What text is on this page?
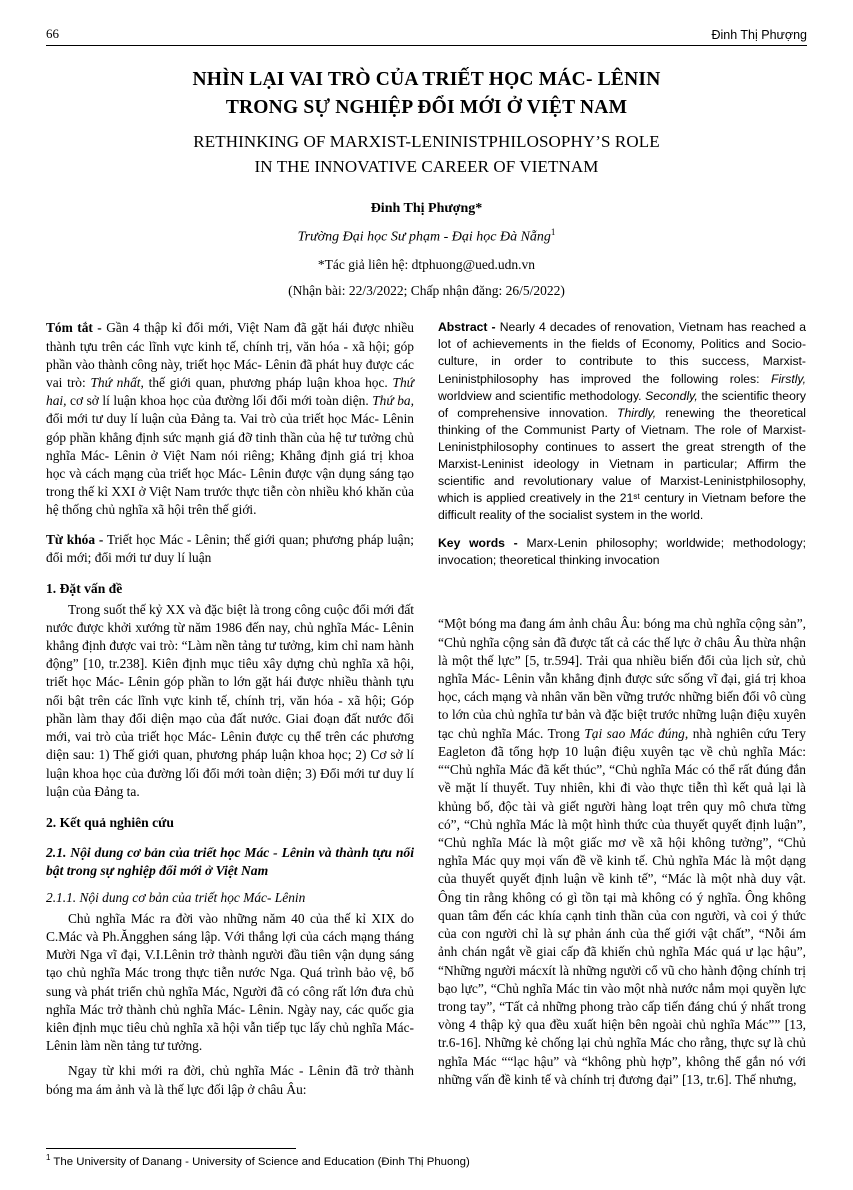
66	Đinh Thị Phượng
NHÌN LẠI VAI TRÒ CỦA TRIẾT HỌC MÁC- LÊNIN
TRONG SỰ NGHIỆP ĐỔI MỚI Ở VIỆT NAM
RETHINKING OF MARXIST-LENINISTPHILOSOPHY’S ROLE
IN THE INNOVATIVE CAREER OF VIETNAM
Đinh Thị Phượng*
Trường Đại học Sư phạm - Đại học Đà Nẵng$^1$
*Tác giả liên hệ: dtphuong@ued.udn.vn
(Nhận bài: 22/3/2022; Chấp nhận đăng: 26/5/2022)

Tóm tắt - Gần 4 thập kỉ đổi mới, Việt Nam đã gặt hái được nhiều thành tựu trên các lĩnh vực kinh tế, chính trị, văn hóa - xã hội; góp phần vào thành công này, triết học Mác- Lênin đã phát huy được các vai trò: Thứ nhất, thế giới quan, phương pháp luận khoa học. Thứ hai, cơ sở lí luận khoa học của đường lối đổi mới toàn diện. Thứ ba, đổi mới tư duy lí luận của Đảng ta. Vai trò của triết học Mác- Lênin góp phần khẳng định sức mạnh giá đỡ tinh thần của hệ tư tưởng chủ nghĩa Mác- Lênin ở Việt Nam nói riêng; Khẳng định giá trị khoa học và cách mạng của triết học Mác- Lênin được vận dụng sáng tạo trong thế kỉ XXI ở Việt Nam trước thực tiễn còn nhiều khó khăn của hệ thống chủ nghĩa xã hội trên thế giới.

Từ khóa - Triết học Mác - Lênin; thế giới quan; phương pháp luận; đổi mới; đổi mới tư duy lí luận

1. Đặt vấn đề

Trong suốt thế kỷ XX và đặc biệt là trong công cuộc đổi mới đất nước được khởi xướng từ năm 1986 đến nay, chủ nghĩa Mác- Lênin khẳng định được vai trò: “Làm nền tảng tư tưởng, kim chỉ nam hành động” [10, tr.238]. Kiên định mục tiêu xây dựng chủ nghĩa xã hội, triết học Mác- Lênin góp phần to lớn gặt hái được nhiều thành tựu nổi bật trên các lĩnh vực kinh tế, chính trị, văn hóa - xã hội; Góp phần làm thay đổi diện mạo của đất nước. Giai đoạn đất nước đổi mới, vai trò của triết học Mác- Lênin được cụ thể trên các phương diện sau: 1) Thế giới quan, phương pháp luận khoa học; 2) Cơ sở lí luận khoa học của đường lối đổi mới toàn diện; 3) Đổi mới tư duy lí luận của Đảng ta.

2. Kết quả nghiên cứu
2.1. Nội dung cơ bản của triết học Mác - Lênin và thành tựu nổi bật trong sự nghiệp đổi mới ở Việt Nam
2.1.1. Nội dung cơ bản của triết học Mác- Lênin

Chủ nghĩa Mác ra đời vào những năm 40 của thế kỉ XIX do C.Mác và Ph.Ăngghen sáng lập. Với thắng lợi của cách mạng tháng Mười Nga vĩ đại, V.I.Lênin trở thành người đầu tiên vận dụng sáng tạo chủ nghĩa Mác trong thực tiễn nước Nga. Quá trình bảo vệ, bổ sung và phát triển chủ nghĩa Mác, Người đã có công rất lớn đưa chủ nghĩa Mác trở thành chủ nghĩa Mác- Lênin. Ngày nay, các quốc gia kiên định mục tiêu chủ nghĩa xã hội vẫn tiếp tục lấy chủ nghĩa Mác- Lênin làm nền tảng tư tưởng.

Ngay từ khi mới ra đời, chủ nghĩa Mác - Lênin đã trở thành bóng ma ám ảnh và là thế lực đối lập ở châu Âu:

Abstract - Nearly 4 decades of renovation, Vietnam has reached a lot of achievements in the fields of Economy, Politics and Socio-culture, in order to contribute to this success, Marxist-Leninistphilosophy has improved the following roles: Firstly, worldview and scientific methodology. Secondly, the scientific theory of comprehensive innovation. Thirdly, renewing the theoretical thinking of the Communist Party of Vietnam. The role of Marxist-Leninistphilosophy continues to assert the great strength of the Marxist-Leninist ideology in Vietnam in particular; Affirm the scientific and revolutionary value of Marxist-Leninistphilosophy, which is applied creatively in the 21ˢᵗ century in Vietnam before the difficult reality of the socialist system in the world.

Key words - Marx-Lenin philosophy; worldwide; methodology; invocation; theoretical thinking invocation

“Một bóng ma đang ám ảnh châu Âu: bóng ma chủ nghĩa cộng sản”, “Chủ nghĩa cộng sản đã được tất cả các thế lực ở châu Âu thừa nhận là một thế lực” [5, tr.594]. Trải qua nhiều biến đổi của lịch sử, chủ nghĩa Mác- Lênin vẫn khẳng định được sức sống vĩ đại, giá trị khoa học, cách mạng và nhân văn bền vững trước những biến đổi vô cùng to lớn của chủ nghĩa tư bản và đặc biệt trước những luận điệu xuyên tạc chủ nghĩa Mác. Trong Tại sao Mác đúng, nhà nghiên cứu Tery Eagleton đã tổng hợp 10 luận điệu xuyên tạc về chủ nghĩa Mác: ““Chủ nghĩa Mác đã kết thúc”, “Chủ nghĩa Mác có thể rất đúng đắn về mặt lí thuyết. Tuy nhiên, khi đi vào thực tiễn thì kết quả lại là khủng bố, độc tài và giết người hàng loạt trên quy mô chưa từng có”, “Chủ nghĩa Mác là một hình thức của thuyết quyết định luận”, “Chủ nghĩa Mác là một giấc mơ về xã hội không tưởng”, “Chủ nghĩa Mác quy mọi vấn đề về kinh tế. Chủ nghĩa Mác là một dạng của thuyết quyết định luận về kinh tế”, “Mác là một nhà duy vật. Ông tin rằng không có gì tồn tại mà không có ý nghĩa. Ông không quan tâm đến các khía cạnh tinh thần của con người, và coi ý thức của con người chỉ là sự phản ánh của thế giới vật chất”, “Nỗi ám ảnh chán ngắt về giai cấp đã khiến chủ nghĩa Mác quá ư lạc hậu”, “Những người mácxít là những người cổ vũ cho hành động chính trị bạo lực”, “Chủ nghĩa Mác tin vào một nhà nước nắm mọi quyền lực trong tay”, “Tất cả những phong trào cấp tiến đáng chú ý nhất trong vòng 4 thập kỷ qua đều xuất hiện bên ngoài chủ nghĩa Mác”” [13, tr.6-16]. Những kẻ chống lại chủ nghĩa Mác cho rằng, thực sự là chủ nghĩa Mác ““lạc hậu” và “không phù hợp”, không thể gắn nó với những vấn đề kinh tế và chính trị đương đại” [13, tr.6]. Thế nhưng,

$^1$ The University of Danang - University of Science and Education (Đinh Thị Phuong)
